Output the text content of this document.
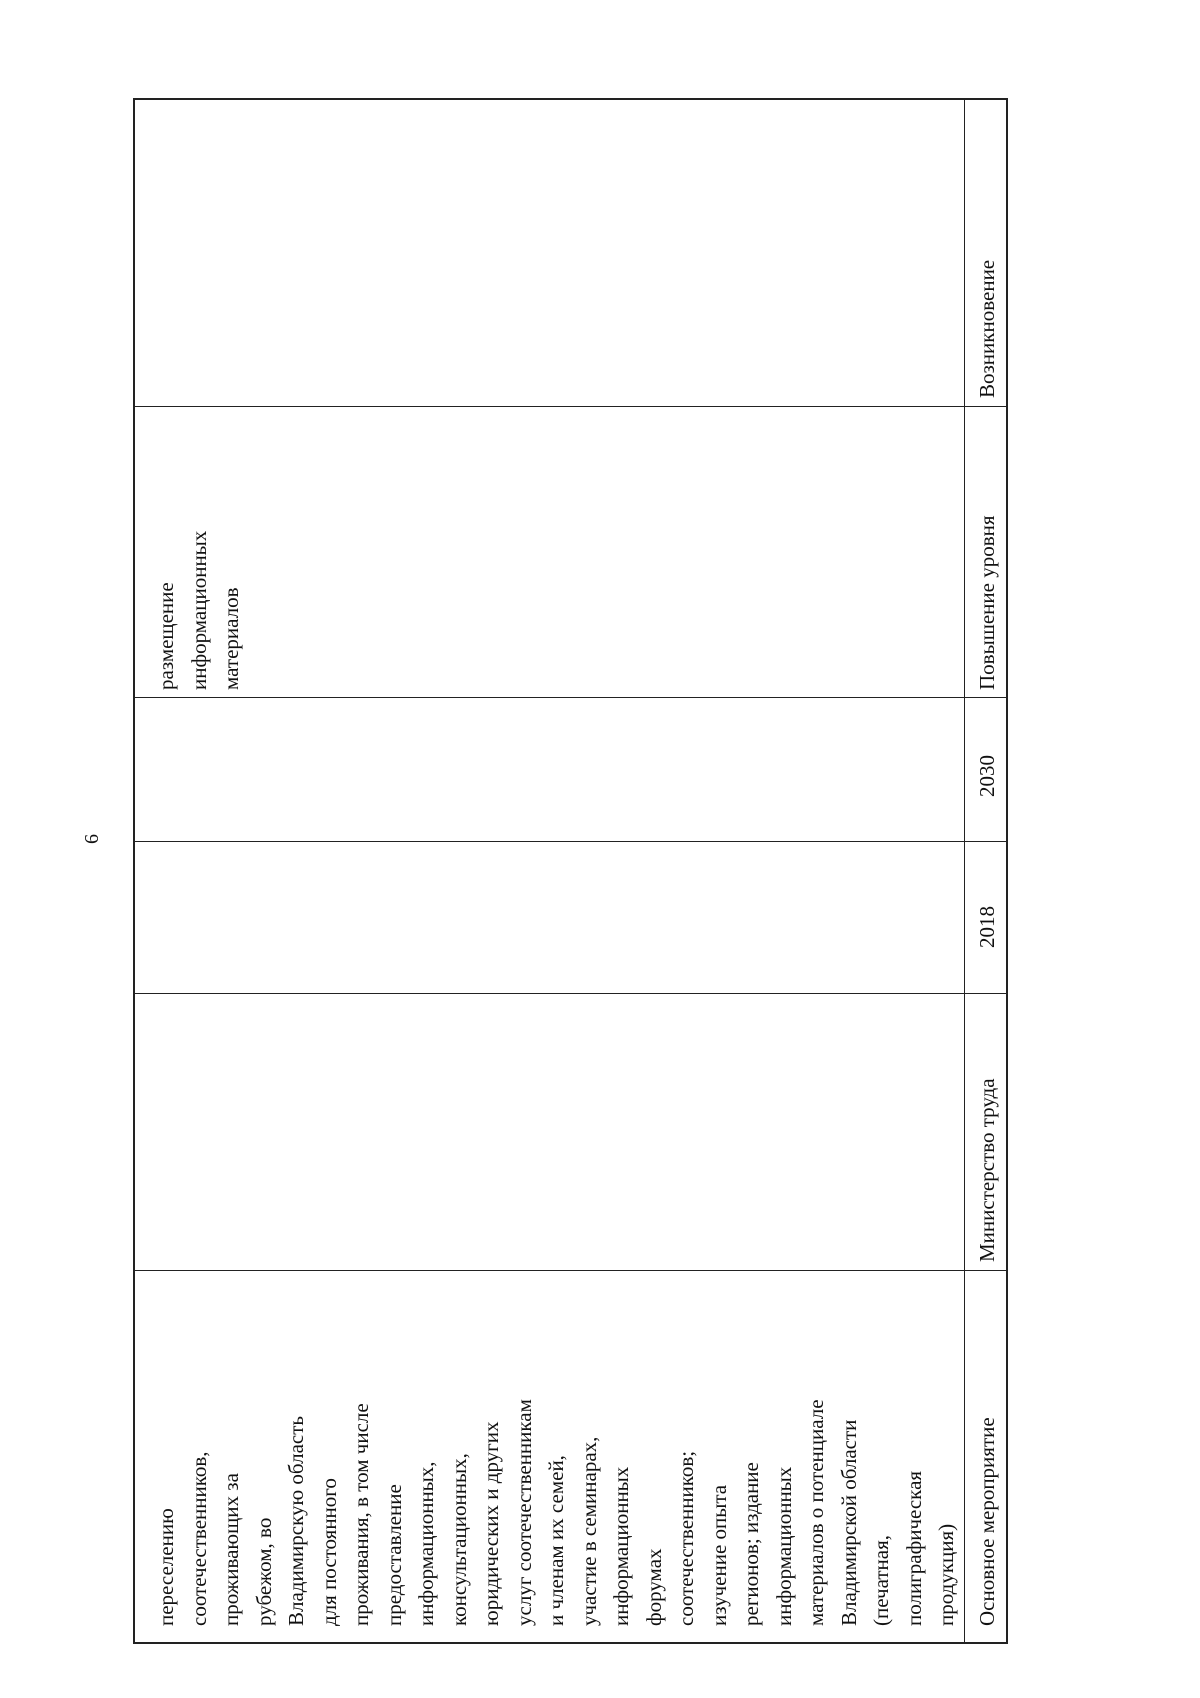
6
переселению соотечественников, проживающих за рубежом, во Владимирскую область для постоянного проживания, в том числе предоставление информационных, консультационных, юридических и других услуг соотечественникам и членам их семей, участие в семинарах, информационных форумах соотечественников; изучение опыта регионов; издание информационных материалов о потенциале Владимирской области (печатная, полиграфическая продукция)
размещение информационных материалов
Основное мероприятие
Министерство труда
2018
2030
Повышение уровня
Возникновение
